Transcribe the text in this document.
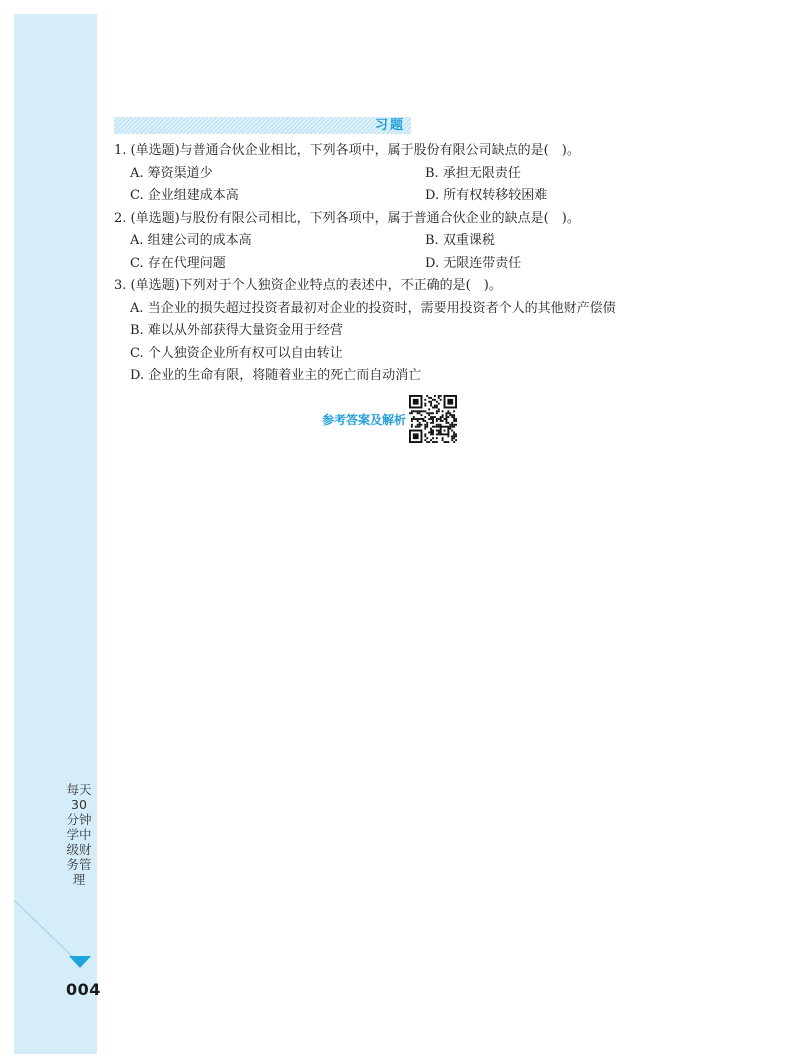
每天30分钟学中级财务管理
004
习题
1. (单选题)与普通合伙企业相比，下列各项中，属于股份有限公司缺点的是(　)。
A. 筹资渠道少	B. 承担无限责任
C. 企业组建成本高	D. 所有权转移较困难
2. (单选题)与股份有限公司相比，下列各项中，属于普通合伙企业的缺点是(　)。
A. 组建公司的成本高	B. 双重课税
C. 存在代理问题	D. 无限连带责任
3. (单选题)下列对于个人独资企业特点的表述中，不正确的是(　)。
A. 当企业的损失超过投资者最初对企业的投资时，需要用投资者个人的其他财产偿债
B. 难以从外部获得大量资金用于经营
C. 个人独资企业所有权可以自由转让
D. 企业的生命有限，将随着业主的死亡而自动消亡
参考答案及解析
